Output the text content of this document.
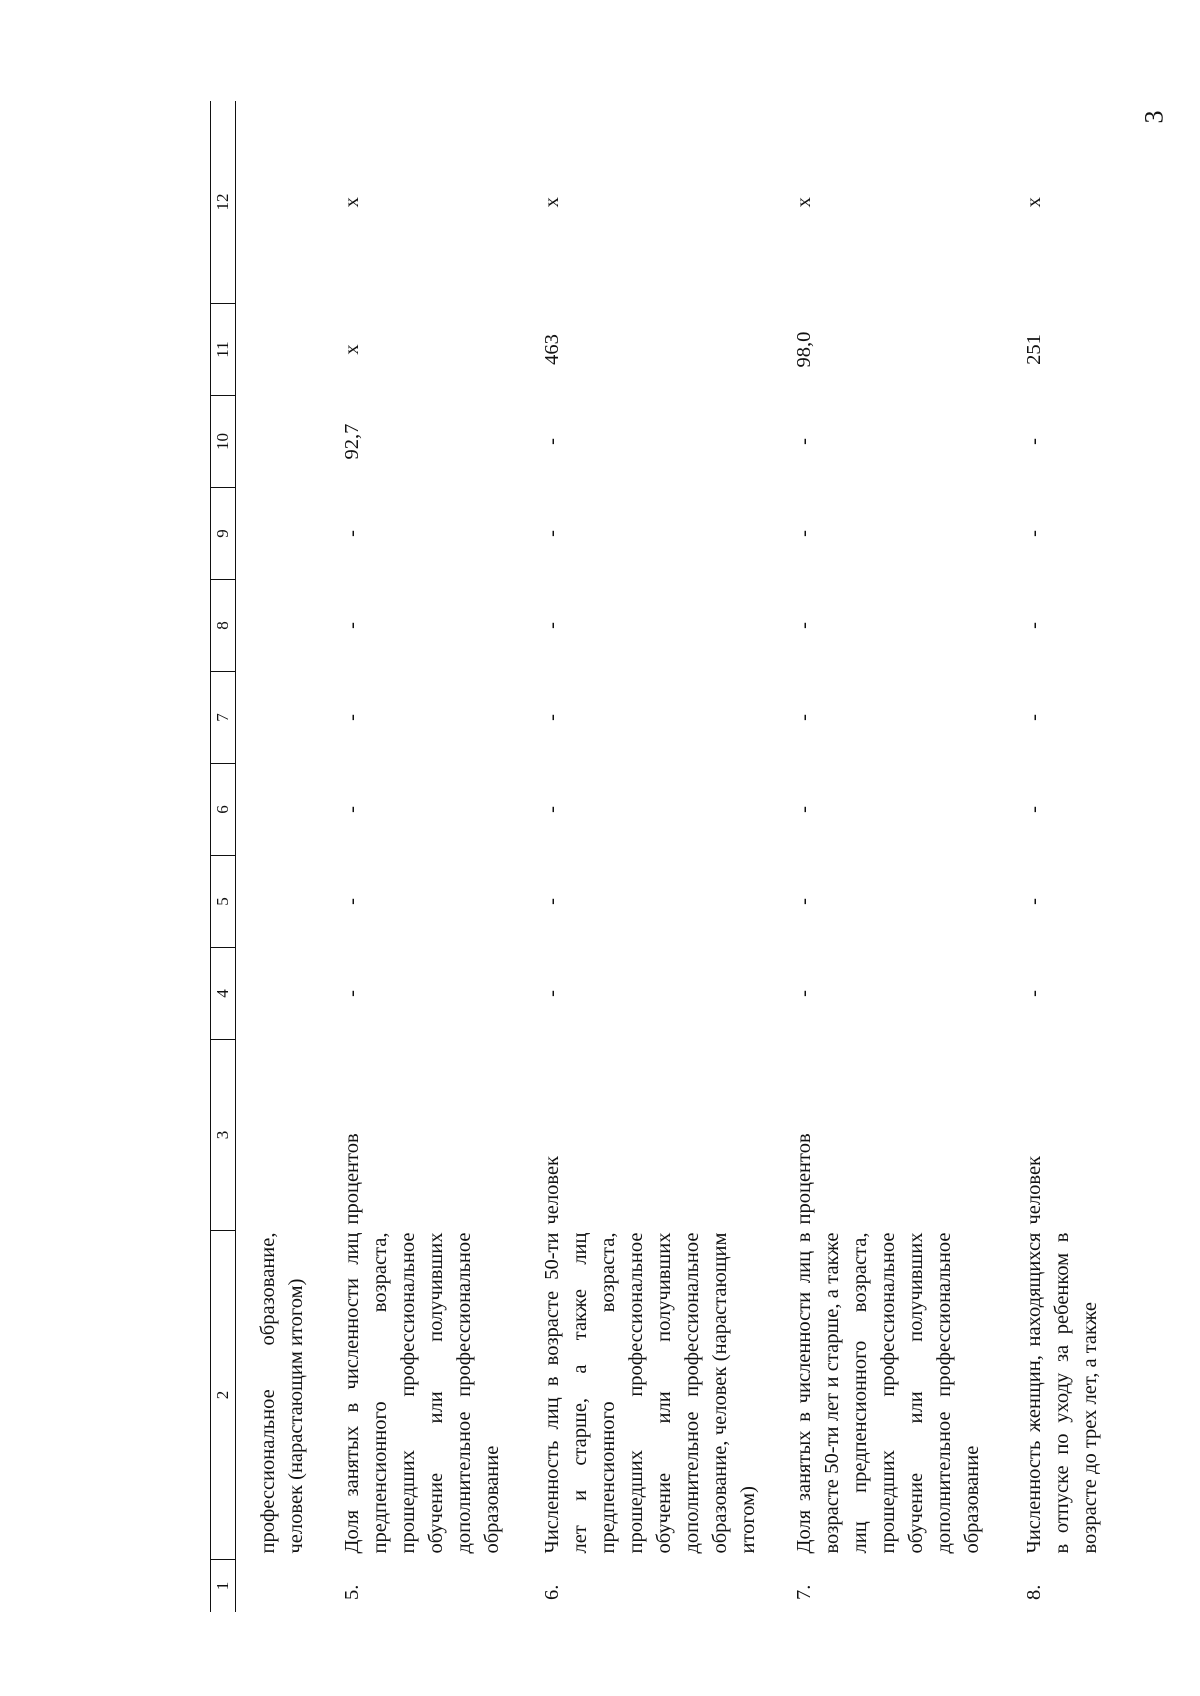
3
1	2	3	4	5	6	7	8	9	10	11	12
	профессиональное образование, человек (нарастающим итогом)										
5.	Доля занятых в численности лиц предпенсионного возраста, прошедших профессиональное обучение или получивших дополнительное профессиональное образование	процентов	-	-	-	-	-	-	92,7	x	x
6.	Численность лиц в возрасте 50-ти лет и старше, а также лиц предпенсионного возраста, прошедших профессиональное обучение или получивших дополнительное профессиональное образование, человек (нарастающим итогом)	человек	-	-	-	-	-	-	-	463	x
7.	Доля занятых в численности лиц в возрасте 50-ти лет и старше, а также лиц предпенсионного возраста, прошедших профессиональное обучение или получивших дополнительное профессиональное образование	процентов	-	-	-	-	-	-	-	98,0	x
8.	Численность женщин, находящихся в отпуске по уходу за ребенком в возрасте до трех лет, а также	человек	-	-	-	-	-	-	-	251	x
